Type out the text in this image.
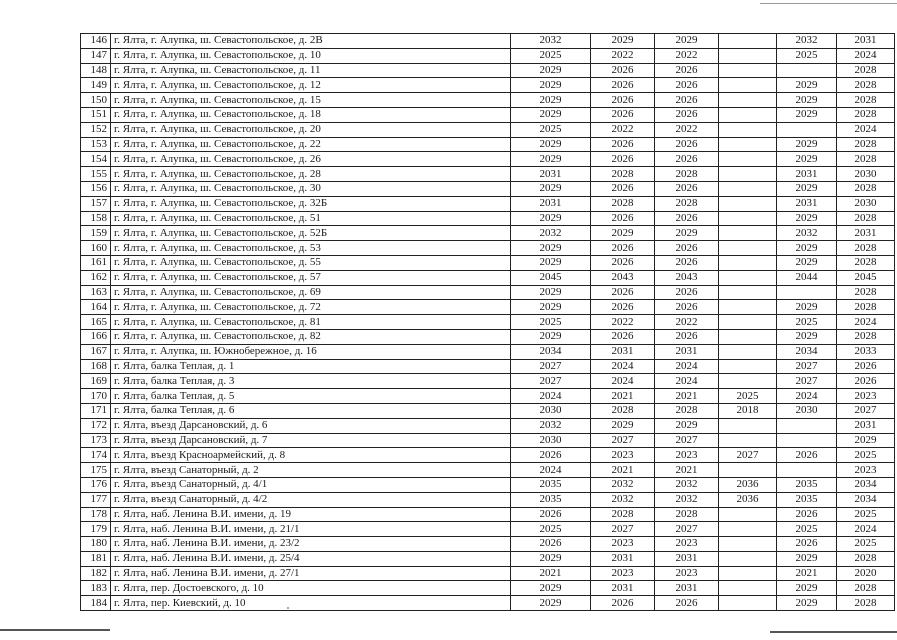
146	г. Ялта, г. Алупка, ш. Севастопольское, д. 2В	2032	2029	2029		2032	2031
147	г. Ялта, г. Алупка, ш. Севастопольское, д. 10	2025	2022	2022		2025	2024
148	г. Ялта, г. Алупка, ш. Севастопольское, д. 11	2029	2026	2026			2028
149	г. Ялта, г. Алупка, ш. Севастопольское, д. 12	2029	2026	2026		2029	2028
150	г. Ялта, г. Алупка, ш. Севастопольское, д. 15	2029	2026	2026		2029	2028
151	г. Ялта, г. Алупка, ш. Севастопольское, д. 18	2029	2026	2026		2029	2028
152	г. Ялта, г. Алупка, ш. Севастопольское, д. 20	2025	2022	2022			2024
153	г. Ялта, г. Алупка, ш. Севастопольское, д. 22	2029	2026	2026		2029	2028
154	г. Ялта, г. Алупка, ш. Севастопольское, д. 26	2029	2026	2026		2029	2028
155	г. Ялта, г. Алупка, ш. Севастопольское, д. 28	2031	2028	2028		2031	2030
156	г. Ялта, г. Алупка, ш. Севастопольское, д. 30	2029	2026	2026		2029	2028
157	г. Ялта, г. Алупка, ш. Севастопольское, д. 32Б	2031	2028	2028		2031	2030
158	г. Ялта, г. Алупка, ш. Севастопольское, д. 51	2029	2026	2026		2029	2028
159	г. Ялта, г. Алупка, ш. Севастопольское, д. 52Б	2032	2029	2029		2032	2031
160	г. Ялта, г. Алупка, ш. Севастопольское, д. 53	2029	2026	2026		2029	2028
161	г. Ялта, г. Алупка, ш. Севастопольское, д. 55	2029	2026	2026		2029	2028
162	г. Ялта, г. Алупка, ш. Севастопольское, д. 57	2045	2043	2043		2044	2045
163	г. Ялта, г. Алупка, ш. Севастопольское, д. 69	2029	2026	2026			2028
164	г. Ялта, г. Алупка, ш. Севастопольское, д. 72	2029	2026	2026		2029	2028
165	г. Ялта, г. Алупка, ш. Севастопольское, д. 81	2025	2022	2022		2025	2024
166	г. Ялта, г. Алупка, ш. Севастопольское, д. 82	2029	2026	2026		2029	2028
167	г. Ялта, г. Алупка, ш. Южнобережное, д. 16	2034	2031	2031		2034	2033
168	г. Ялта, балка Теплая, д. 1	2027	2024	2024		2027	2026
169	г. Ялта, балка Теплая, д. 3	2027	2024	2024		2027	2026
170	г. Ялта, балка Теплая, д. 5	2024	2021	2021	2025	2024	2023
171	г. Ялта, балка Теплая, д. 6	2030	2028	2028	2018	2030	2027
172	г. Ялта, въезд Дарсановский, д. 6	2032	2029	2029			2031
173	г. Ялта, въезд Дарсановский, д. 7	2030	2027	2027			2029
174	г. Ялта, въезд Красноармейский, д. 8	2026	2023	2023	2027	2026	2025
175	г. Ялта, въезд Санаторный, д. 2	2024	2021	2021			2023
176	г. Ялта, въезд Санаторный, д. 4/1	2035	2032	2032	2036	2035	2034
177	г. Ялта, въезд Санаторный, д. 4/2	2035	2032	2032	2036	2035	2034
178	г. Ялта, наб. Ленина В.И. имени, д. 19	2026	2028	2028		2026	2025
179	г. Ялта, наб. Ленина В.И. имени, д. 21/1	2025	2027	2027		2025	2024
180	г. Ялта, наб. Ленина В.И. имени, д. 23/2	2026	2023	2023		2026	2025
181	г. Ялта, наб. Ленина В.И. имени, д. 25/4	2029	2031	2031		2029	2028
182	г. Ялта, наб. Ленина В.И. имени, д. 27/1	2021	2023	2023		2021	2020
183	г. Ялта, пер. Достоевского, д. 10	2029	2031	2031		2029	2028
184	г. Ялта, пер. Киевский, д. 10	2029	2026	2026		2029	2028
